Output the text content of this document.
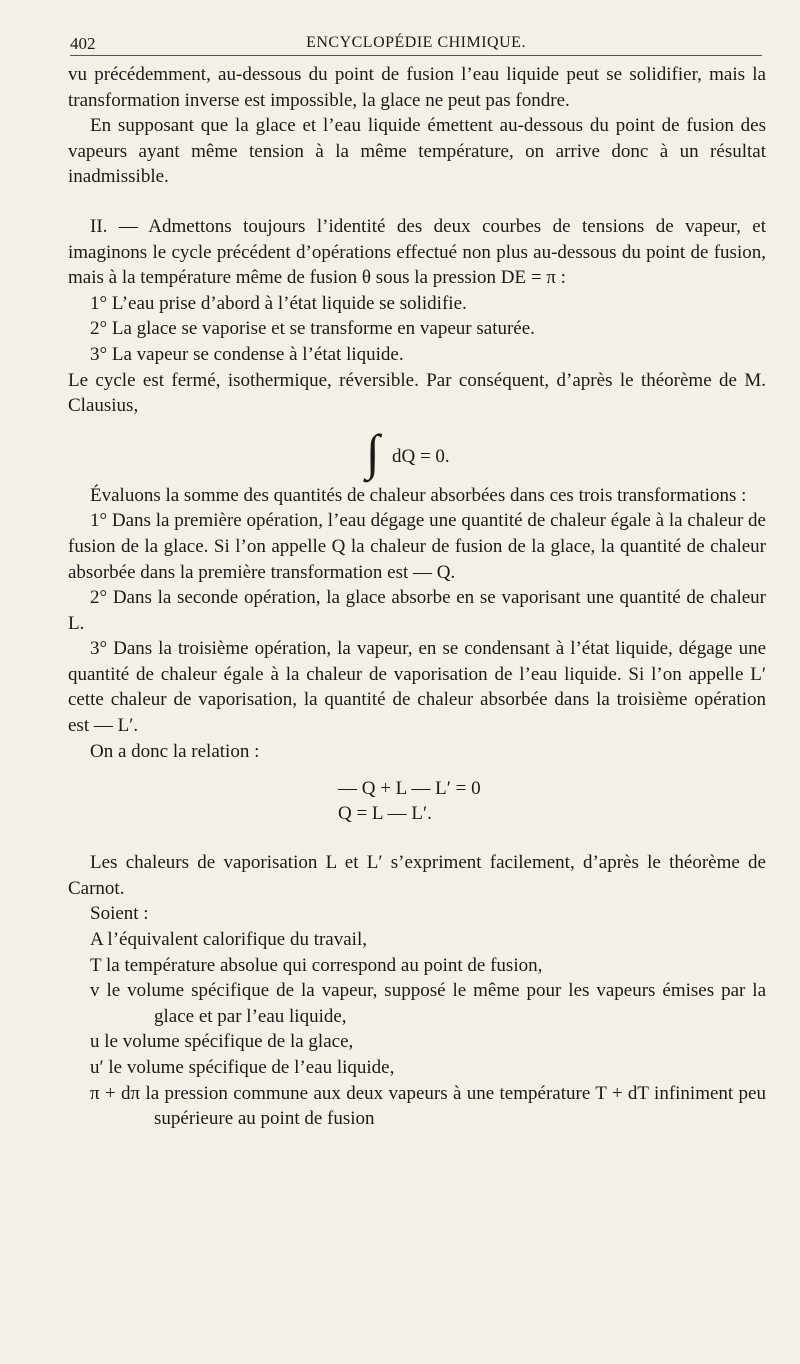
402	ENCYCLOPÉDIE CHIMIQUE.

vu précédemment, au-dessous du point de fusion l’eau liquide peut se solidifier, mais la transformation inverse est impossible, la glace ne peut pas fondre.

En supposant que la glace et l’eau liquide émettent au-dessous du point de fusion des vapeurs ayant même tension à la même température, on arrive donc à un résultat inadmissible.

II. — Admettons toujours l’identité des deux courbes de tensions de vapeur, et imaginons le cycle précédent d’opérations effectué non plus au-dessous du point de fusion, mais à la température même de fusion θ sous la pression DE = π :

1° L’eau prise d’abord à l’état liquide se solidifie.

2° La glace se vaporise et se transforme en vapeur saturée.

3° La vapeur se condense à l’état liquide.

Le cycle est fermé, isothermique, réversible. Par conséquent, d’après le théorème de M. Clausius,

∫ dQ = 0.

Évaluons la somme des quantités de chaleur absorbées dans ces trois transformations :

1° Dans la première opération, l’eau dégage une quantité de chaleur égale à la chaleur de fusion de la glace. Si l’on appelle Q la chaleur de fusion de la glace, la quantité de chaleur absorbée dans la première transformation est — Q.

2° Dans la seconde opération, la glace absorbe en se vaporisant une quantité de chaleur L.

3° Dans la troisième opération, la vapeur, en se condensant à l’état liquide, dégage une quantité de chaleur égale à la chaleur de vaporisation de l’eau liquide. Si l’on appelle L′ cette chaleur de vaporisation, la quantité de chaleur absorbée dans la troisième opération est — L′.

On a donc la relation :

— Q + L — L′ = 0
Q = L — L′.

Les chaleurs de vaporisation L et L′ s’expriment facilement, d’après le théorème de Carnot.

Soient :

A l’équivalent calorifique du travail,

T la température absolue qui correspond au point de fusion,

v le volume spécifique de la vapeur, supposé le même pour les vapeurs émises par la glace et par l’eau liquide,

u le volume spécifique de la glace,

u′ le volume spécifique de l’eau liquide,

π + dπ la pression commune aux deux vapeurs à une température T + dT infiniment peu supérieure au point de fusion
